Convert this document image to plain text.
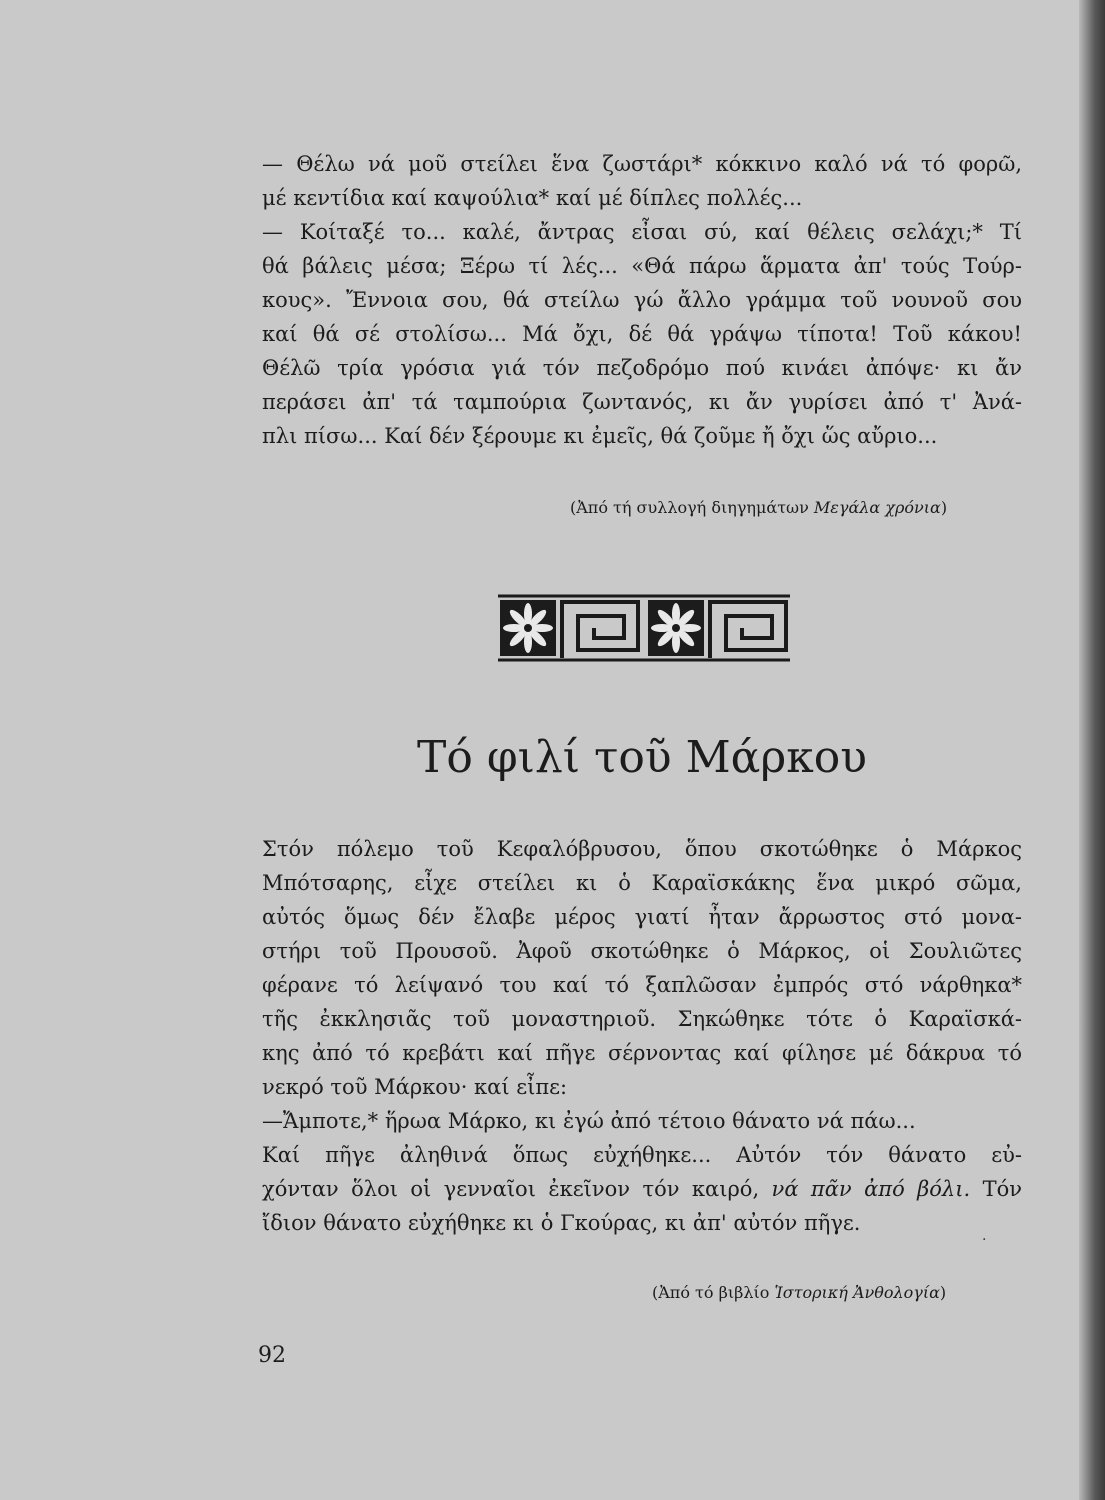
— Θέλω νά μοῦ στείλει ἕνα ζωστάρι* κόκκινο καλό νά τό φορῶ,
μέ κεντίδια καί καψούλια* καί μέ δίπλες πολλές...
— Κοίταξέ το... καλέ, ἄντρας εἶσαι σύ, καί θέλεις σελάχι;* Τί
θά βάλεις μέσα; Ξέρω τί λές... «Θά πάρω ἅρματα ἀπ' τούς Τούρ-
κους». Ἔννοια σου, θά στείλω γώ ἄλλο γράμμα τοῦ νουνοῦ σου
καί θά σέ στολίσω... Μά ὄχι, δέ θά γράψω τίποτα! Τοῦ κάκου!
Θέλῶ τρία γρόσια γιά τόν πεζοδρόμο πού κινάει ἀπόψε· κι ἄν
περάσει ἀπ' τά ταμπούρια ζωντανός, κι ἄν γυρίσει ἀπό τ' Ἀνά-
πλι πίσω... Καί δέν ξέρουμε κι ἐμεῖς, θά ζοῦμε ἤ ὄχι ὥς αὔριο...
(Ἀπό τή συλλογή διηγημάτων Μεγάλα χρόνια)
Τό φιλί τοῦ Μάρκου
Στόν πόλεμο τοῦ Κεφαλόβρυσου, ὅπου σκοτώθηκε ὁ Μάρκος
Μπότσαρης, εἶχε στείλει κι ὁ Καραϊσκάκης ἕνα μικρό σῶμα,
αὐτός ὅμως δέν ἔλαβε μέρος γιατί ἦταν ἄρρωστος στό μονα-
στήρι τοῦ Προυσοῦ. Ἀφοῦ σκοτώθηκε ὁ Μάρκος, οἱ Σουλιῶτες
φέρανε τό λείψανό του καί τό ξαπλῶσαν ἐμπρός στό νάρθηκα*
τῆς ἐκκλησιᾶς τοῦ μοναστηριοῦ. Σηκώθηκε τότε ὁ Καραϊσκά-
κης ἀπό τό κρεβάτι καί πῆγε σέρνοντας καί φίλησε μέ δάκρυα τό
νεκρό τοῦ Μάρκου· καί εἶπε:
—Ἄμποτε,* ἥρωα Μάρκο, κι ἐγώ ἀπό τέτοιο θάνατο νά πάω...
Καί πῆγε ἀληθινά ὅπως εὐχήθηκε... Αὐτόν τόν θάνατο εὐ-
χόνταν ὅλοι οἱ γενναῖοι ἐκεῖνον τόν καιρό, νά πᾶν ἀπό βόλι. Τόν
ἴδιον θάνατο εὐχήθηκε κι ὁ Γκούρας, κι ἀπ' αὐτόν πῆγε.
.
(Ἀπό τό βιβλίο Ἱστορική Ἀνθολογία)
92
